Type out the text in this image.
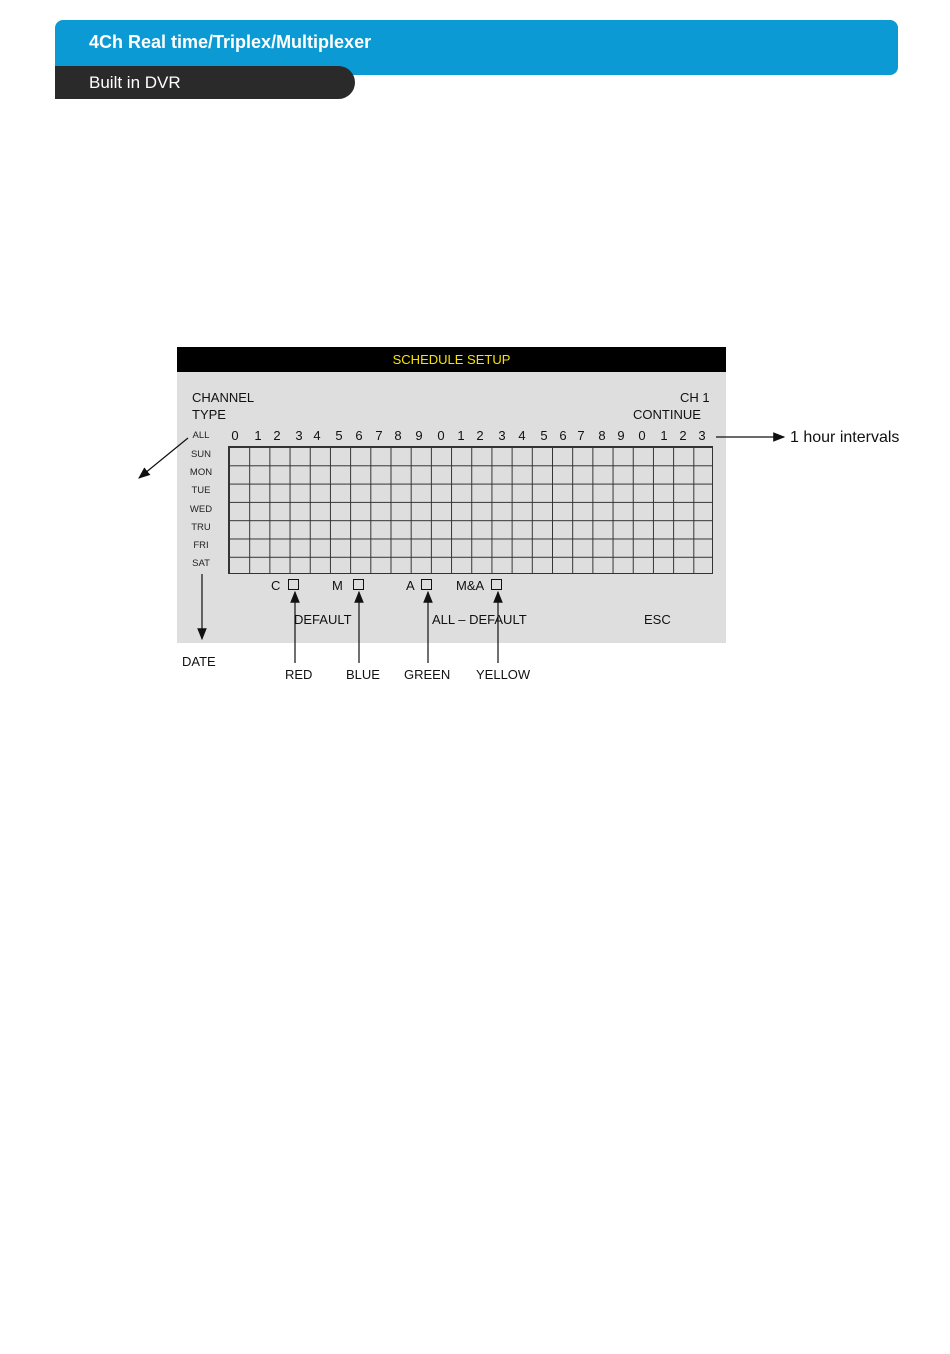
4Ch Real time/Triplex/Multiplexer
Built in DVR
SCHEDULE SETUP
CHANNEL
TYPE
CH 1
CONTINUE
ALL
SUN
MON
TUE
WED
TRU
FRI
SAT
0	1 2	3 4	5 6 7 8	9	0 1 2	3 4	5 6 7	8 9	0	1 2 3
C	M	A	M&A
DEFAULT	ALL – DEFAULT	ESC
DATE
1 hour intervals
RED	BLUE GREEN YELLOW
